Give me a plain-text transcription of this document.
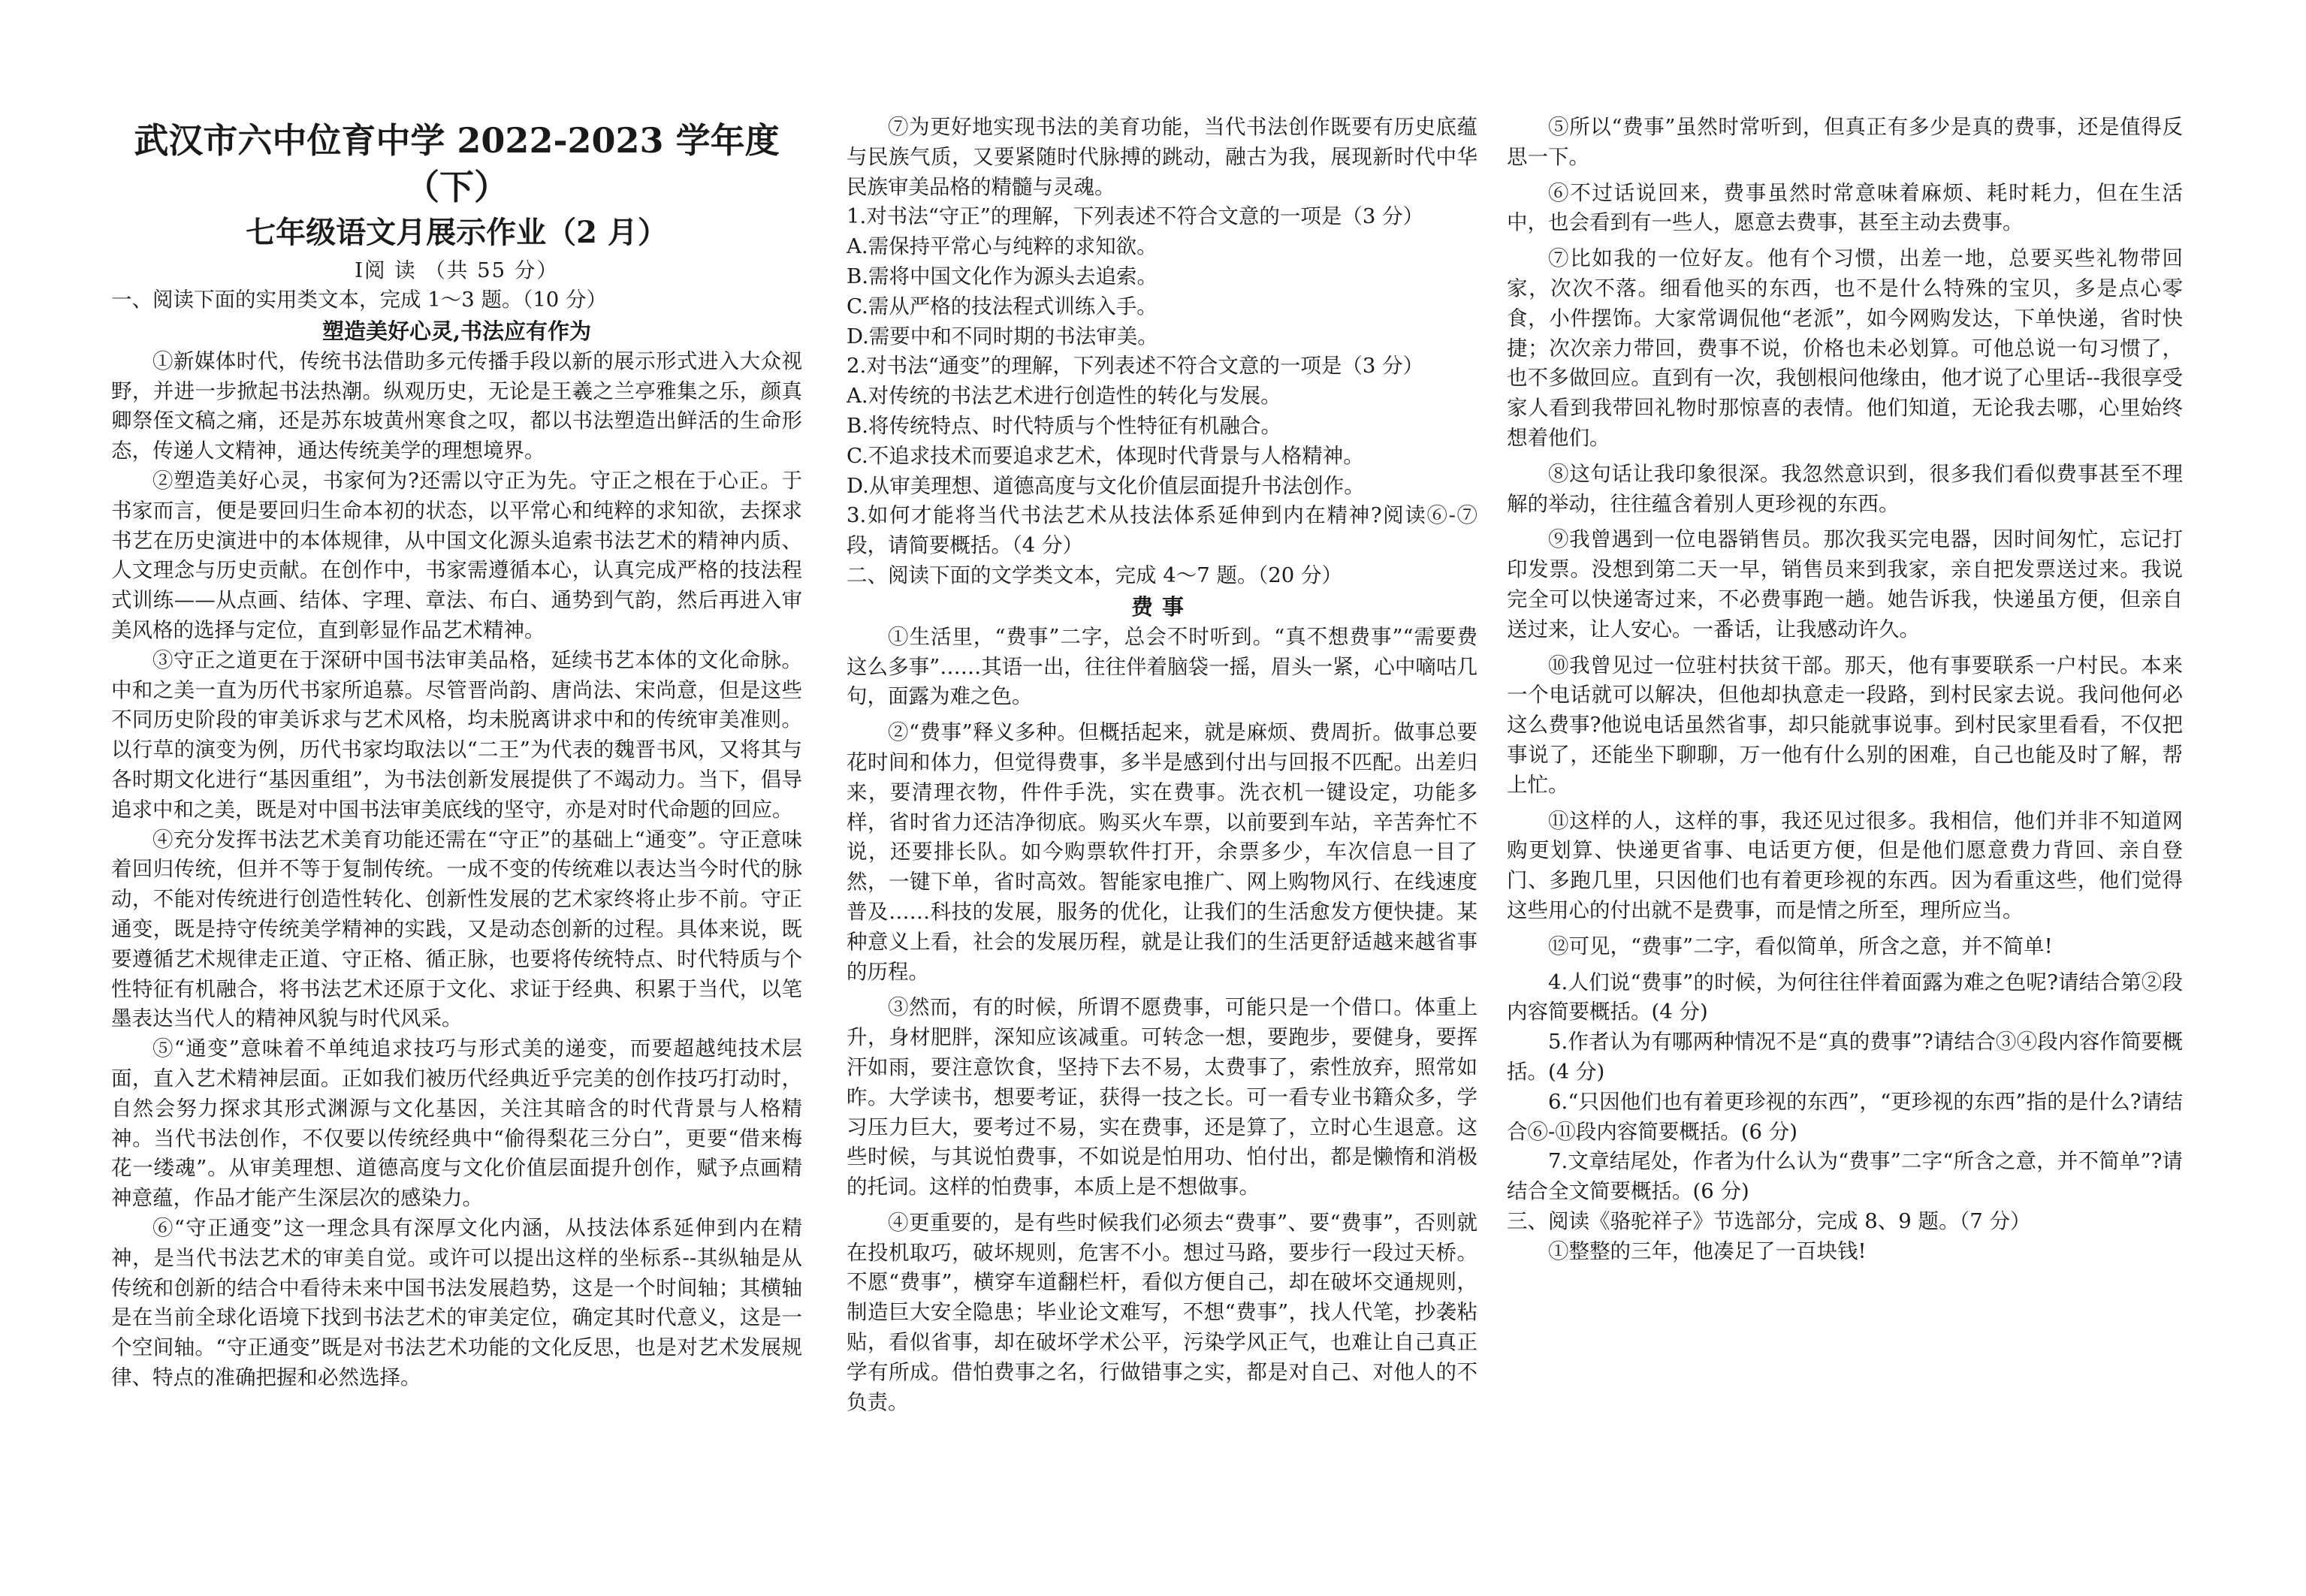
武汉市六中位育中学 2022-2023 学年度（下）
七年级语文月展示作业（2 月）
Ⅰ阅 读 （共 55 分）

一、阅读下面的实用类文本，完成 1～3 题。（10 分）

塑造美好心灵,书法应有作为

①新媒体时代，传统书法借助多元传播手段以新的展示形式进入大众视野，并进一步掀起书法热潮。纵观历史，无论是王羲之兰亭雅集之乐，颜真卿祭侄文稿之痛，还是苏东坡黄州寒食之叹，都以书法塑造出鲜活的生命形态，传递人文精神，通达传统美学的理想境界。

②塑造美好心灵，书家何为?还需以守正为先。守正之根在于心正。于书家而言，便是要回归生命本初的状态，以平常心和纯粹的求知欲，去探求书艺在历史演进中的本体规律，从中国文化源头追索书法艺术的精神内质、人文理念与历史贡献。在创作中，书家需遵循本心，认真完成严格的技法程式训练——从点画、结体、字理、章法、布白、通势到气韵，然后再进入审美风格的选择与定位，直到彰显作品艺术精神。

③守正之道更在于深研中国书法审美品格，延续书艺本体的文化命脉。中和之美一直为历代书家所追慕。尽管晋尚韵、唐尚法、宋尚意，但是这些不同历史阶段的审美诉求与艺术风格，均未脱离讲求中和的传统审美准则。以行草的演变为例，历代书家均取法以“二王”为代表的魏晋书风，又将其与各时期文化进行“基因重组”，为书法创新发展提供了不竭动力。当下，倡导追求中和之美，既是对中国书法审美底线的坚守，亦是对时代命题的回应。

④充分发挥书法艺术美育功能还需在“守正”的基础上“通变”。守正意味着回归传统，但并不等于复制传统。一成不变的传统难以表达当今时代的脉动，不能对传统进行创造性转化、创新性发展的艺术家终将止步不前。守正通变，既是持守传统美学精神的实践，又是动态创新的过程。具体来说，既要遵循艺术规律走正道、守正格、循正脉，也要将传统特点、时代特质与个性特征有机融合，将书法艺术还原于文化、求证于经典、积累于当代，以笔墨表达当代人的精神风貌与时代风采。

⑤“通变”意味着不单纯追求技巧与形式美的递变，而要超越纯技术层面，直入艺术精神层面。正如我们被历代经典近乎完美的创作技巧打动时，自然会努力探求其形式渊源与文化基因，关注其暗含的时代背景与人格精神。当代书法创作，不仅要以传统经典中“偷得梨花三分白”，更要“借来梅花一缕魂”。从审美理想、道德高度与文化价值层面提升创作，赋予点画精神意蕴，作品才能产生深层次的感染力。

⑥“守正通变”这一理念具有深厚文化内涵，从技法体系延伸到内在精神，是当代书法艺术的审美自觉。或许可以提出这样的坐标系--其纵轴是从传统和创新的结合中看待未来中国书法发展趋势，这是一个时间轴；其横轴是在当前全球化语境下找到书法艺术的审美定位，确定其时代意义，这是一个空间轴。“守正通变”既是对书法艺术功能的文化反思，也是对艺术发展规律、特点的准确把握和必然选择。

⑦为更好地实现书法的美育功能，当代书法创作既要有历史底蕴与民族气质，又要紧随时代脉搏的跳动，融古为我，展现新时代中华民族审美品格的精髓与灵魂。

1.对书法“守正”的理解，下列表述不符合文意的一项是（3 分）

A.需保持平常心与纯粹的求知欲。

B.需将中国文化作为源头去追索。

C.需从严格的技法程式训练入手。

D.需要中和不同时期的书法审美。

2.对书法“通变”的理解，下列表述不符合文意的一项是（3 分）

A.对传统的书法艺术进行创造性的转化与发展。

B.将传统特点、时代特质与个性特征有机融合。

C.不追求技术而要追求艺术，体现时代背景与人格精神。

D.从审美理想、道德高度与文化价值层面提升书法创作。

3.如何才能将当代书法艺术从技法体系延伸到内在精神?阅读⑥-⑦段，请简要概括。（4 分）

二、阅读下面的文学类文本，完成 4～7 题。（20 分）

费事

①生活里，“费事”二字，总会不时听到。“真不想费事”“需要费这么多事”……其语一出，往往伴着脑袋一摇，眉头一紧，心中嘀咕几句，面露为难之色。

②“费事”释义多种。但概括起来，就是麻烦、费周折。做事总要花时间和体力，但觉得费事，多半是感到付出与回报不匹配。出差归来，要清理衣物，件件手洗，实在费事。洗衣机一键设定，功能多样，省时省力还洁净彻底。购买火车票，以前要到车站，辛苦奔忙不说，还要排长队。如今购票软件打开，余票多少，车次信息一目了然，一键下单，省时高效。智能家电推广、网上购物风行、在线速度普及……科技的发展，服务的优化，让我们的生活愈发方便快捷。某种意义上看，社会的发展历程，就是让我们的生活更舒适越来越省事的历程。

③然而，有的时候，所谓不愿费事，可能只是一个借口。体重上升，身材肥胖，深知应该减重。可转念一想，要跑步，要健身，要挥汗如雨，要注意饮食，坚持下去不易，太费事了，索性放弃，照常如昨。大学读书，想要考证，获得一技之长。可一看专业书籍众多，学习压力巨大，要考过不易，实在费事，还是算了，立时心生退意。这些时候，与其说怕费事，不如说是怕用功、怕付出，都是懒惰和消极的托词。这样的怕费事，本质上是不想做事。

④更重要的，是有些时候我们必须去“费事”、要“费事”，否则就在投机取巧，破坏规则，危害不小。想过马路，要步行一段过天桥。不愿“费事”，横穿车道翻栏杆，看似方便自己，却在破坏交通规则，制造巨大安全隐患；毕业论文难写，不想“费事”，找人代笔，抄袭粘贴，看似省事，却在破坏学术公平，污染学风正气，也难让自己真正学有所成。借怕费事之名，行做错事之实，都是对自己、对他人的不负责。

⑤所以“费事”虽然时常听到，但真正有多少是真的费事，还是值得反思一下。

⑥不过话说回来，费事虽然时常意味着麻烦、耗时耗力，但在生活中，也会看到有一些人，愿意去费事，甚至主动去费事。

⑦比如我的一位好友。他有个习惯，出差一地，总要买些礼物带回家，次次不落。细看他买的东西，也不是什么特殊的宝贝，多是点心零食，小件摆饰。大家常调侃他“老派”，如今网购发达，下单快递，省时快捷；次次亲力带回，费事不说，价格也未必划算。可他总说一句习惯了，也不多做回应。直到有一次，我刨根问他缘由，他才说了心里话--我很享受家人看到我带回礼物时那惊喜的表情。他们知道，无论我去哪，心里始终想着他们。

⑧这句话让我印象很深。我忽然意识到，很多我们看似费事甚至不理解的举动，往往蕴含着别人更珍视的东西。

⑨我曾遇到一位电器销售员。那次我买完电器，因时间匆忙，忘记打印发票。没想到第二天一早，销售员来到我家，亲自把发票送过来。我说完全可以快递寄过来，不必费事跑一趟。她告诉我，快递虽方便，但亲自送过来，让人安心。一番话，让我感动许久。

⑩我曾见过一位驻村扶贫干部。那天，他有事要联系一户村民。本来一个电话就可以解决，但他却执意走一段路，到村民家去说。我问他何必这么费事?他说电话虽然省事，却只能就事说事。到村民家里看看，不仅把事说了，还能坐下聊聊，万一他有什么别的困难，自己也能及时了解，帮上忙。

⑪这样的人，这样的事，我还见过很多。我相信，他们并非不知道网购更划算、快递更省事、电话更方便，但是他们愿意费力背回、亲自登门、多跑几里，只因他们也有着更珍视的东西。因为看重这些，他们觉得这些用心的付出就不是费事，而是情之所至，理所应当。

⑫可见，“费事”二字，看似简单，所含之意，并不简单!

4.人们说“费事”的时候，为何往往伴着面露为难之色呢?请结合第②段内容简要概括。(4 分)

5.作者认为有哪两种情况不是“真的费事”?请结合③④段内容作简要概括。(4 分)

6.“只因他们也有着更珍视的东西”，“更珍视的东西”指的是什么?请结合⑥-⑪段内容简要概括。(6 分)

7.文章结尾处，作者为什么认为“费事”二字“所含之意，并不简单”?请结合全文简要概括。(6 分)

三、阅读《骆驼祥子》节选部分，完成 8、9 题。（7 分）

①整整的三年，他凑足了一百块钱!
